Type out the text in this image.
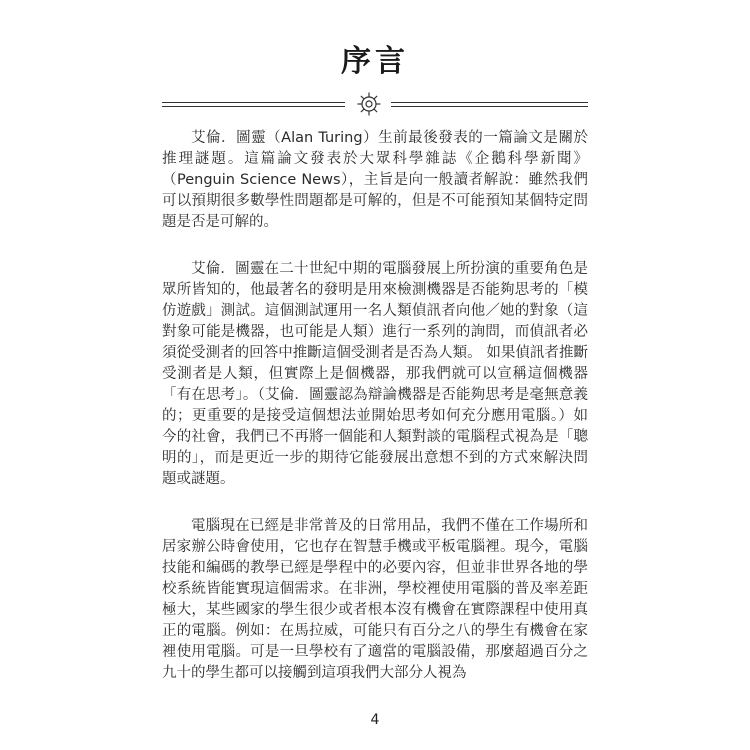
序言

艾倫．圖靈（Alan Turing）生前最後發表的一篇論文是關於推理謎題。這篇論文發表於大眾科學雜誌《企鵝科學新聞》（Penguin Science News），主旨是向一般讀者解說：雖然我們可以預期很多數學性問題都是可解的，但是不可能預知某個特定問題是否是可解的。

艾倫．圖靈在二十世紀中期的電腦發展上所扮演的重要角色是眾所皆知的，他最著名的發明是用來檢測機器是否能夠思考的「模仿遊戲」測試。這個測試運用一名人類偵訊者向他／她的對象（這對象可能是機器，也可能是人類）進行一系列的詢問，而偵訊者必須從受測者的回答中推斷這個受測者是否為人類。 如果偵訊者推斷受測者是人類，但實際上是個機器，那我們就可以宣稱這個機器「有在思考」。（艾倫．圖靈認為辯論機器是否能夠思考是毫無意義的；更重要的是接受這個想法並開始思考如何充分應用電腦。）如今的社會，我們已不再將一個能和人類對談的電腦程式視為是「聰明的」，而是更近一步的期待它能發展出意想不到的方式來解決問題或謎題。

電腦現在已經是非常普及的日常用品，我們不僅在工作場所和居家辦公時會使用，它也存在智慧手機或平板電腦裡。現今，電腦技能和編碼的教學已經是學程中的必要內容，但並非世界各地的學校系統皆能實現這個需求。在非洲，學校裡使用電腦的普及率差距極大，某些國家的學生很少或者根本沒有機會在實際課程中使用真正的電腦。例如：在馬拉威，可能只有百分之八的學生有機會在家裡使用電腦。可是一旦學校有了適當的電腦設備，那麼超過百分之九十的學生都可以接觸到這項我們大部分人視為

4
